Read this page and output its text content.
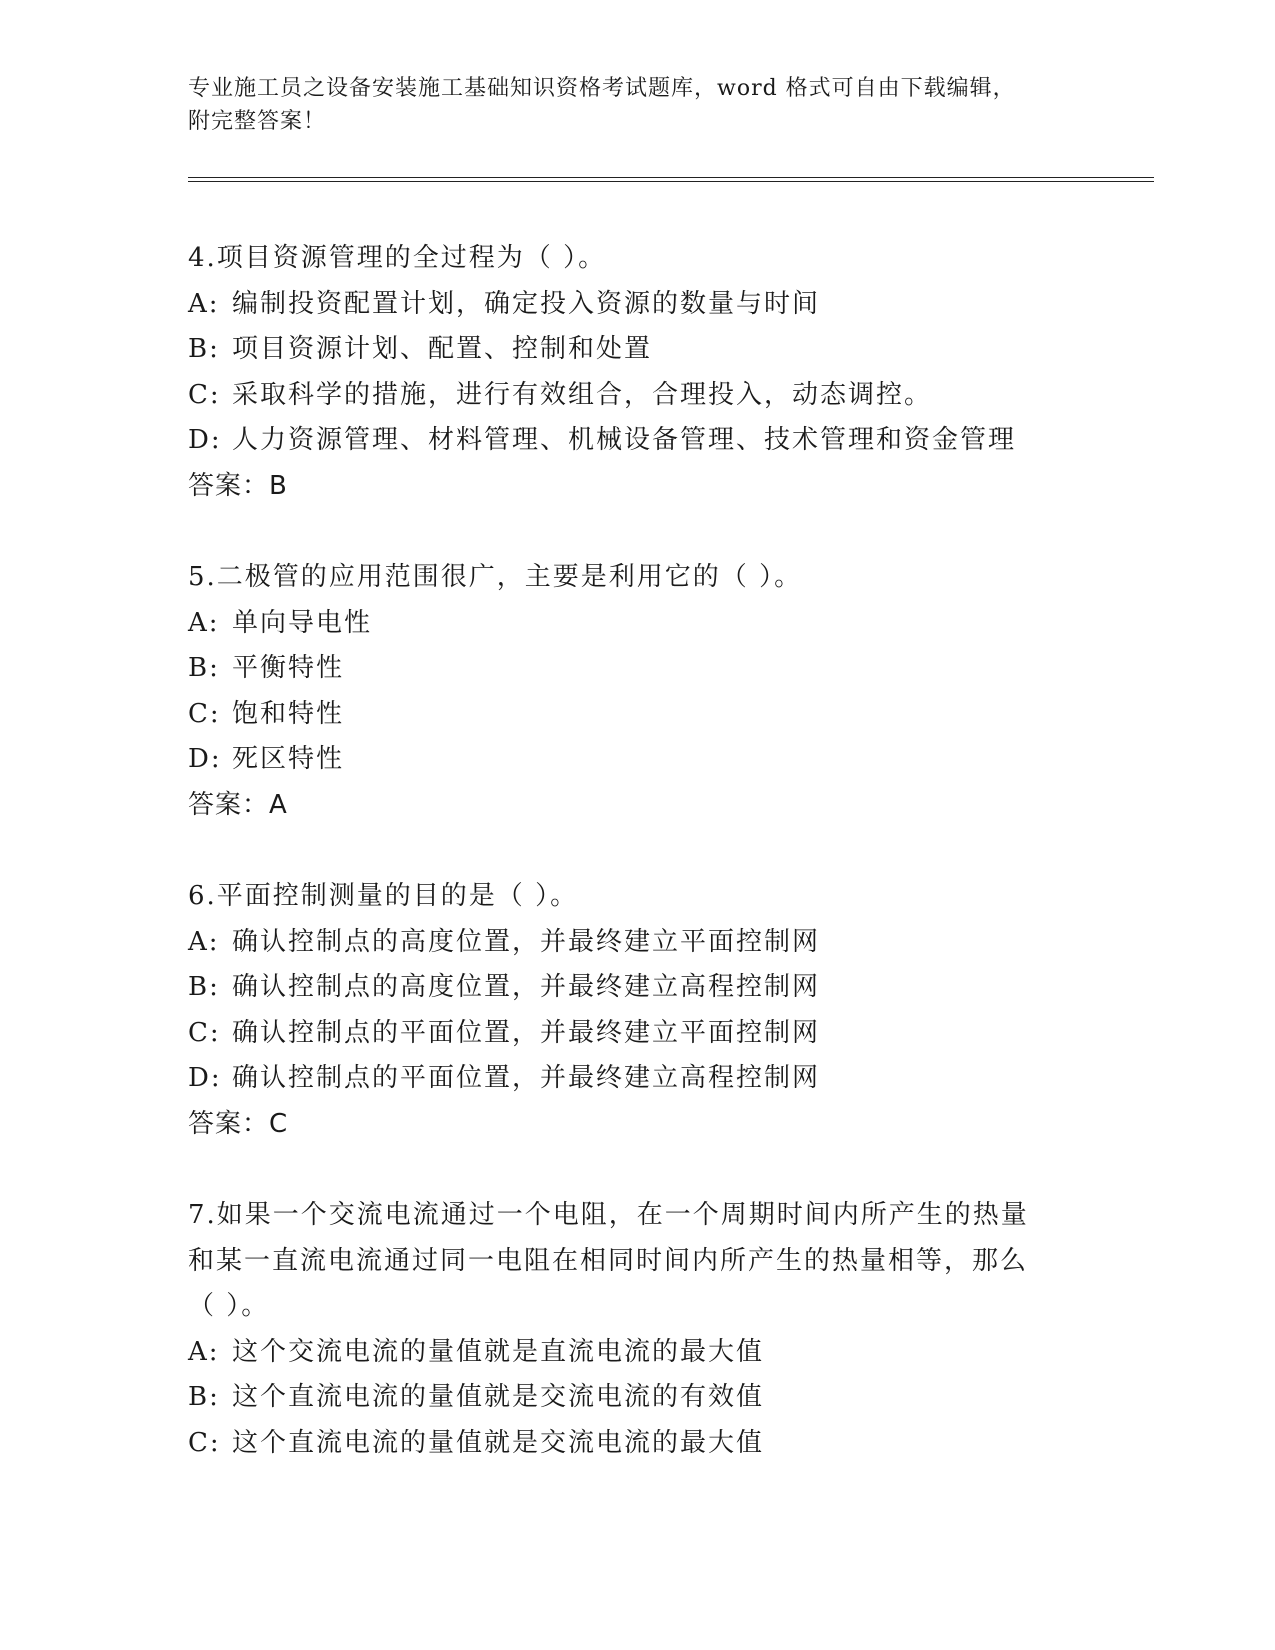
专业施工员之设备安装施工基础知识资格考试题库，word 格式可自由下载编辑，
附完整答案！
4.项目资源管理的全过程为（ ）。
A: 编制投资配置计划，确定投入资源的数量与时间
B: 项目资源计划、配置、控制和处置
C: 采取科学的措施，进行有效组合，合理投入，动态调控。
D: 人力资源管理、材料管理、机械设备管理、技术管理和资金管理
答案：B
5.二极管的应用范围很广，主要是利用它的（ ）。
A: 单向导电性
B: 平衡特性
C: 饱和特性
D: 死区特性
答案：A
6.平面控制测量的目的是（ ）。
A: 确认控制点的高度位置，并最终建立平面控制网
B: 确认控制点的高度位置，并最终建立高程控制网
C: 确认控制点的平面位置，并最终建立平面控制网
D: 确认控制点的平面位置，并最终建立高程控制网
答案：C
7.如果一个交流电流通过一个电阻，在一个周期时间内所产生的热量
和某一直流电流通过同一电阻在相同时间内所产生的热量相等，那么
（ ）。
A: 这个交流电流的量值就是直流电流的最大值
B: 这个直流电流的量值就是交流电流的有效值
C: 这个直流电流的量值就是交流电流的最大值
